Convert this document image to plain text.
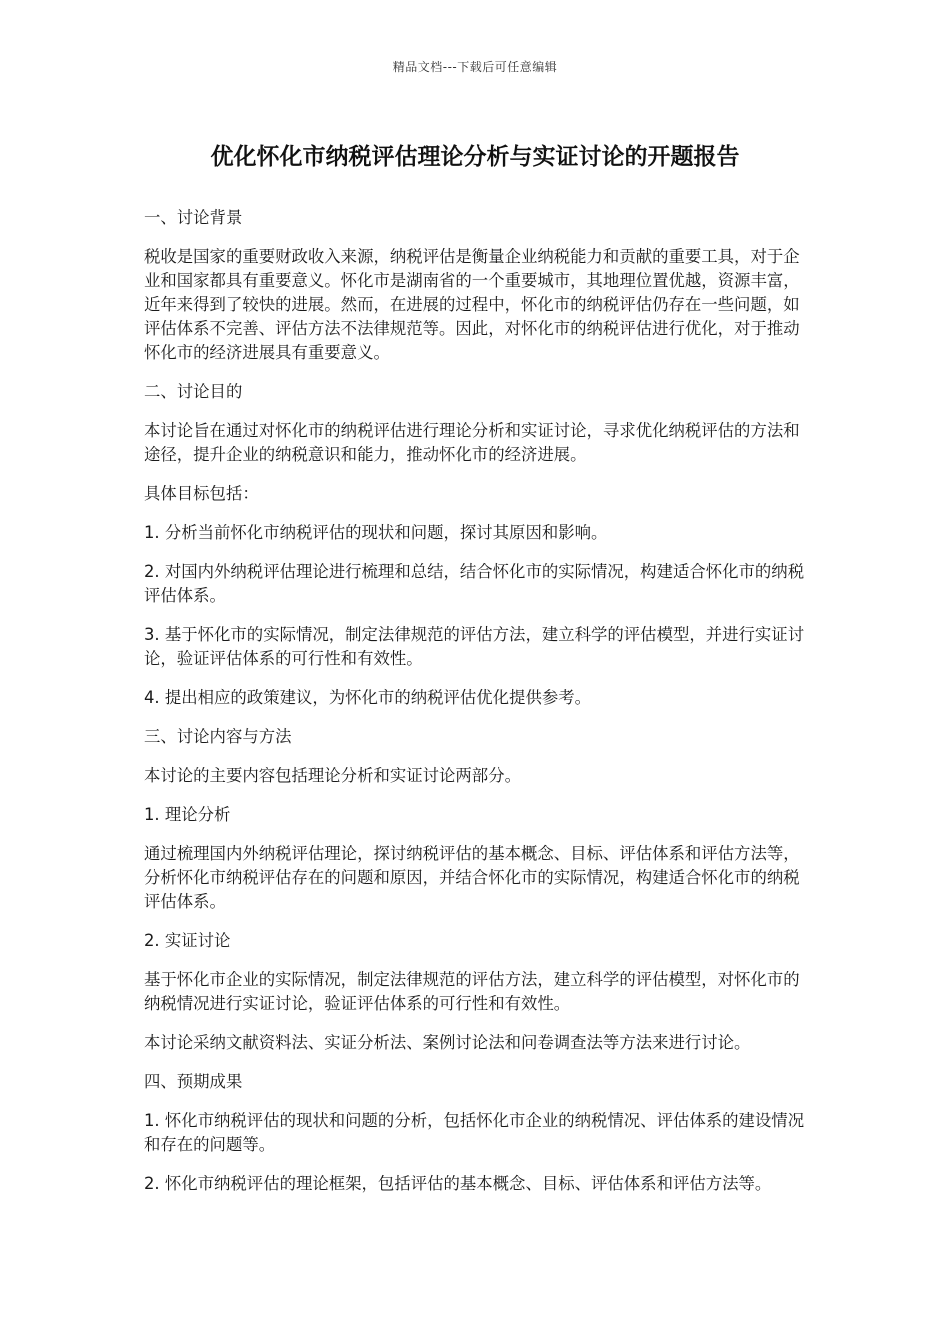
精品文档---下载后可任意编辑
优化怀化市纳税评估理论分析与实证讨论的开题报告

一、讨论背景

税收是国家的重要财政收入来源，纳税评估是衡量企业纳税能力和贡献的重要工具，对于企业和国家都具有重要意义。怀化市是湖南省的一个重要城市，其地理位置优越，资源丰富，近年来得到了较快的进展。然而，在进展的过程中，怀化市的纳税评估仍存在一些问题，如评估体系不完善、评估方法不法律规范等。因此，对怀化市的纳税评估进行优化，对于推动怀化市的经济进展具有重要意义。

二、讨论目的

本讨论旨在通过对怀化市的纳税评估进行理论分析和实证讨论，寻求优化纳税评估的方法和途径，提升企业的纳税意识和能力，推动怀化市的经济进展。

具体目标包括：

1. 分析当前怀化市纳税评估的现状和问题，探讨其原因和影响。

2. 对国内外纳税评估理论进行梳理和总结，结合怀化市的实际情况，构建适合怀化市的纳税评估体系。

3. 基于怀化市的实际情况，制定法律规范的评估方法，建立科学的评估模型，并进行实证讨论，验证评估体系的可行性和有效性。

4. 提出相应的政策建议，为怀化市的纳税评估优化提供参考。

三、讨论内容与方法

本讨论的主要内容包括理论分析和实证讨论两部分。

1. 理论分析

通过梳理国内外纳税评估理论，探讨纳税评估的基本概念、目标、评估体系和评估方法等，分析怀化市纳税评估存在的问题和原因，并结合怀化市的实际情况，构建适合怀化市的纳税评估体系。

2. 实证讨论

基于怀化市企业的实际情况，制定法律规范的评估方法，建立科学的评估模型，对怀化市的纳税情况进行实证讨论，验证评估体系的可行性和有效性。

本讨论采纳文献资料法、实证分析法、案例讨论法和问卷调查法等方法来进行讨论。

四、预期成果

1. 怀化市纳税评估的现状和问题的分析，包括怀化市企业的纳税情况、评估体系的建设情况和存在的问题等。

2. 怀化市纳税评估的理论框架，包括评估的基本概念、目标、评估体系和评估方法等。
